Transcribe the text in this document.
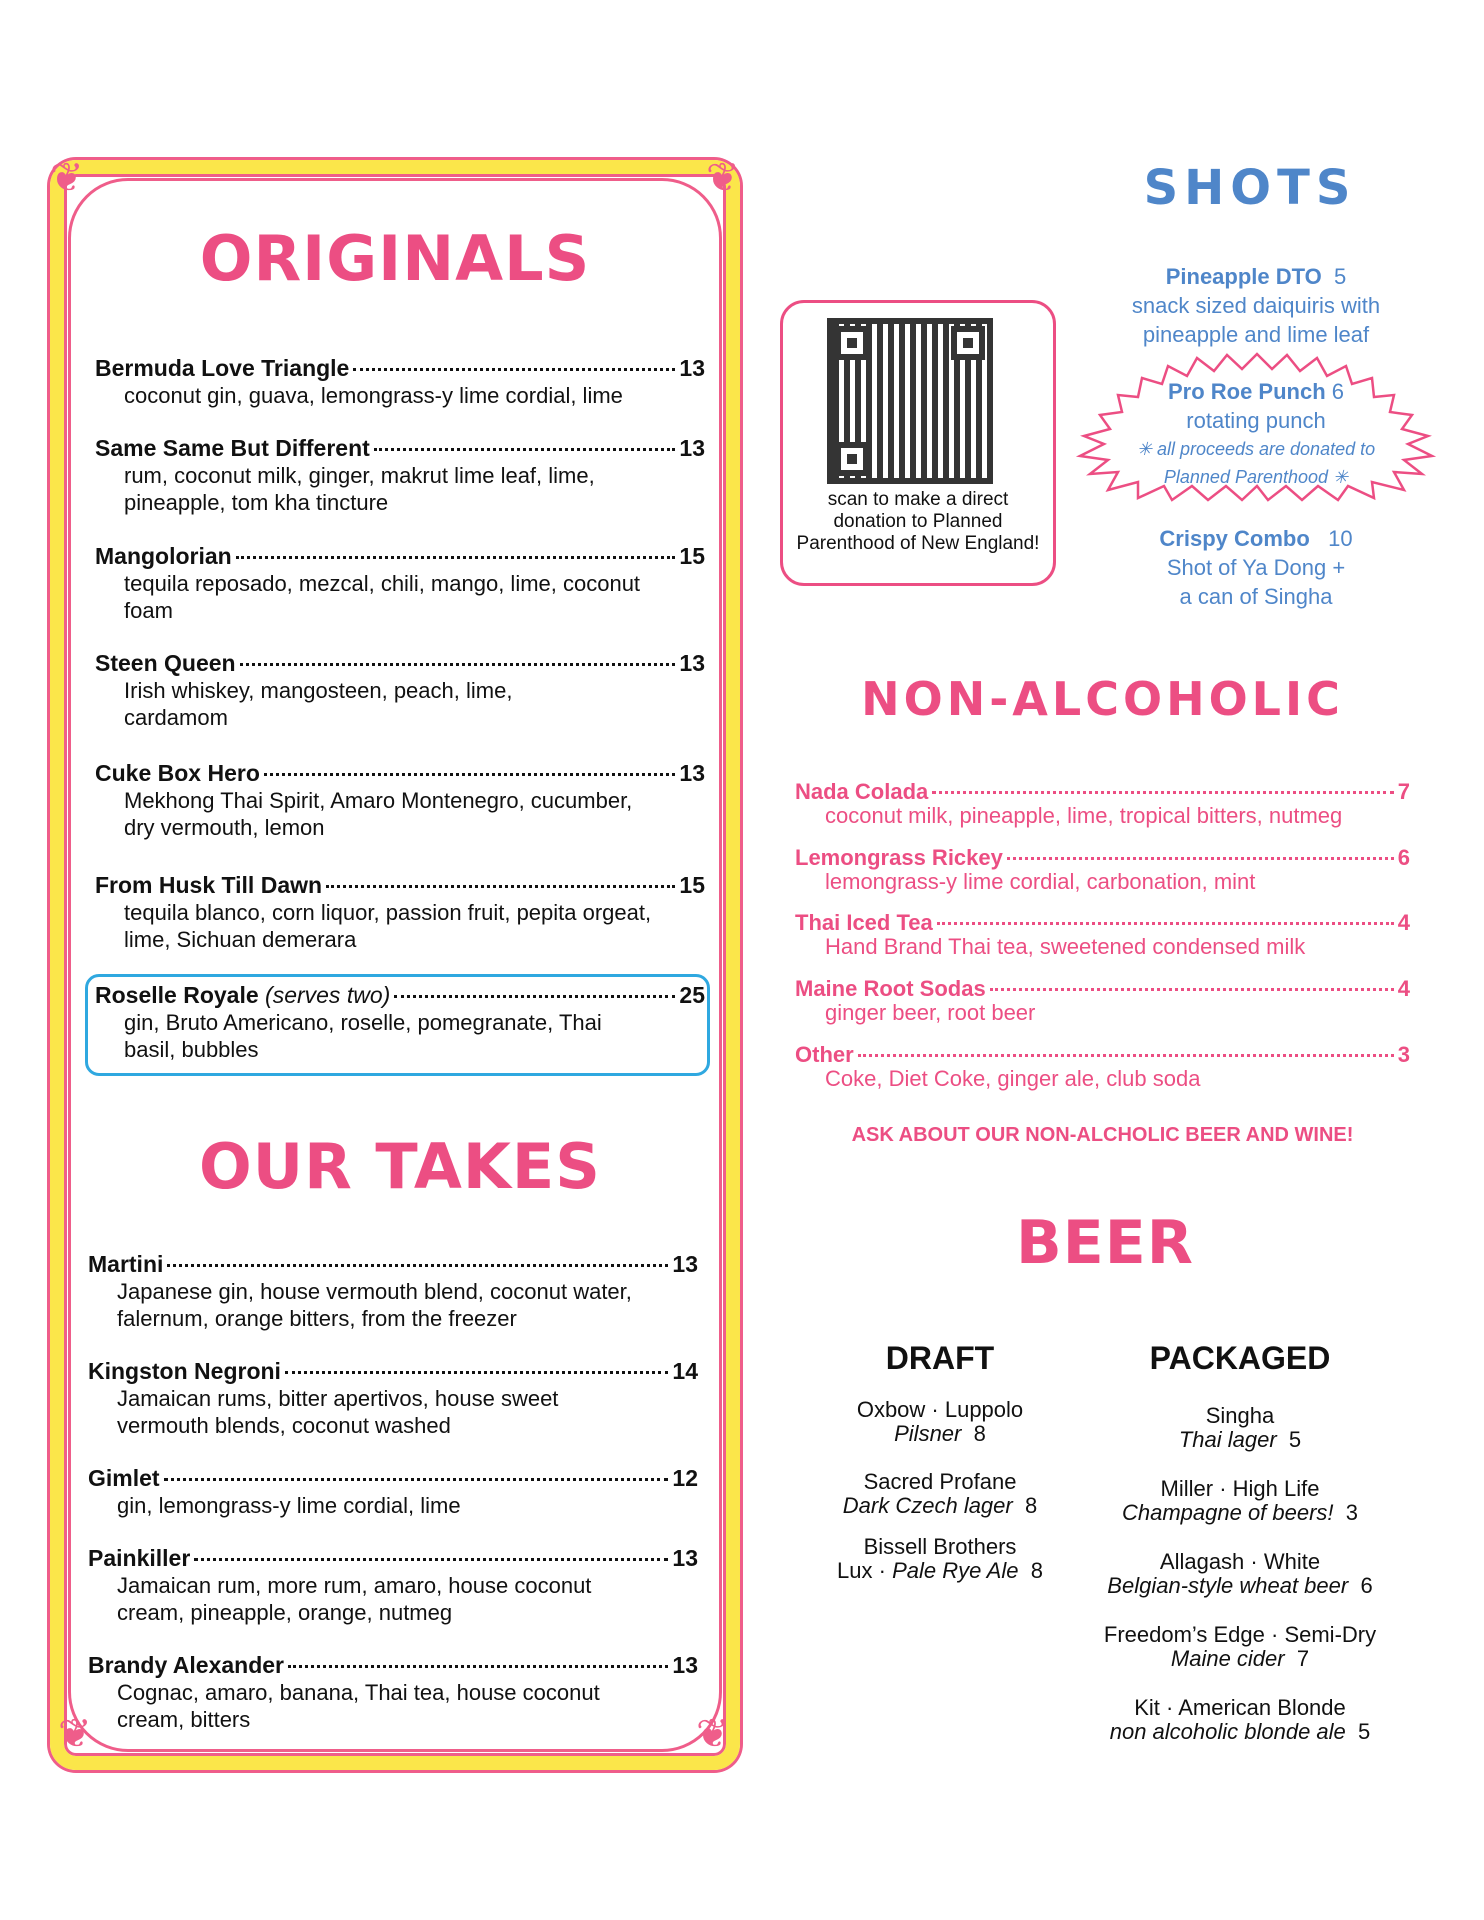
❦	❦
❦	❦
ORIGINALS
Bermuda Love Triangle	13
coconut gin, guava, lemongrass-y lime cordial, lime
Same Same But Different	13
rum, coconut milk, ginger, makrut lime leaf, lime, pineapple, tom kha tincture
Mangolorian	15
tequila reposado, mezcal, chili, mango, lime, coconut foam
Steen Queen	13
Irish whiskey, mangosteen, peach, lime, cardamom
Cuke Box Hero	13
Mekhong Thai Spirit, Amaro Montenegro, cucumber, dry vermouth, lemon
From Husk Till Dawn	15
tequila blanco, corn liquor, passion fruit, pepita orgeat, lime, Sichuan demerara
Roselle Royale (serves two)	25
gin, Bruto Americano, roselle, pomegranate, Thai basil, bubbles
OUR TAKES
Martini	13
Japanese gin, house vermouth blend, coconut water, falernum, orange bitters, from the freezer
Kingston Negroni	14
Jamaican rums, bitter apertivos, house sweet vermouth blends, coconut washed
Gimlet	12
gin, lemongrass-y lime cordial, lime
Painkiller	13
Jamaican rum, more rum, amaro, house coconut cream, pineapple, orange, nutmeg
Brandy Alexander	13
Cognac, amaro, banana, Thai tea, house coconut cream, bitters
scan to make a direct donation to Planned Parenthood of New England!
SHOTS
Pineapple DTO 5
snack sized daiquiris with
pineapple and lime leaf
Pro Roe Punch 6
rotating punch
✳ all proceeds are donated to
Planned Parenthood ✳
Crispy Combo 10
Shot of Ya Dong +
a can of Singha
NON-ALCOHOLIC
Nada Colada	7
coconut milk, pineapple, lime, tropical bitters, nutmeg
Lemongrass Rickey	6
lemongrass-y lime cordial, carbonation, mint
Thai Iced Tea	4
Hand Brand Thai tea, sweetened condensed milk
Maine Root Sodas	4
ginger beer, root beer
Other	3
Coke, Diet Coke, ginger ale, club soda
ASK ABOUT OUR NON-ALCHOLIC BEER AND WINE!
BEER
DRAFT	PACKAGED
Oxbow · Luppolo
Pilsner 8
Sacred Profane
Dark Czech lager 8
Bissell Brothers
Lux · Pale Rye Ale 8
Singha
Thai lager 5
Miller · High Life
Champagne of beers! 3
Allagash · White
Belgian-style wheat beer 6
Freedom’s Edge · Semi-Dry
Maine cider 7
Kit · American Blonde
non alcoholic blonde ale 5
